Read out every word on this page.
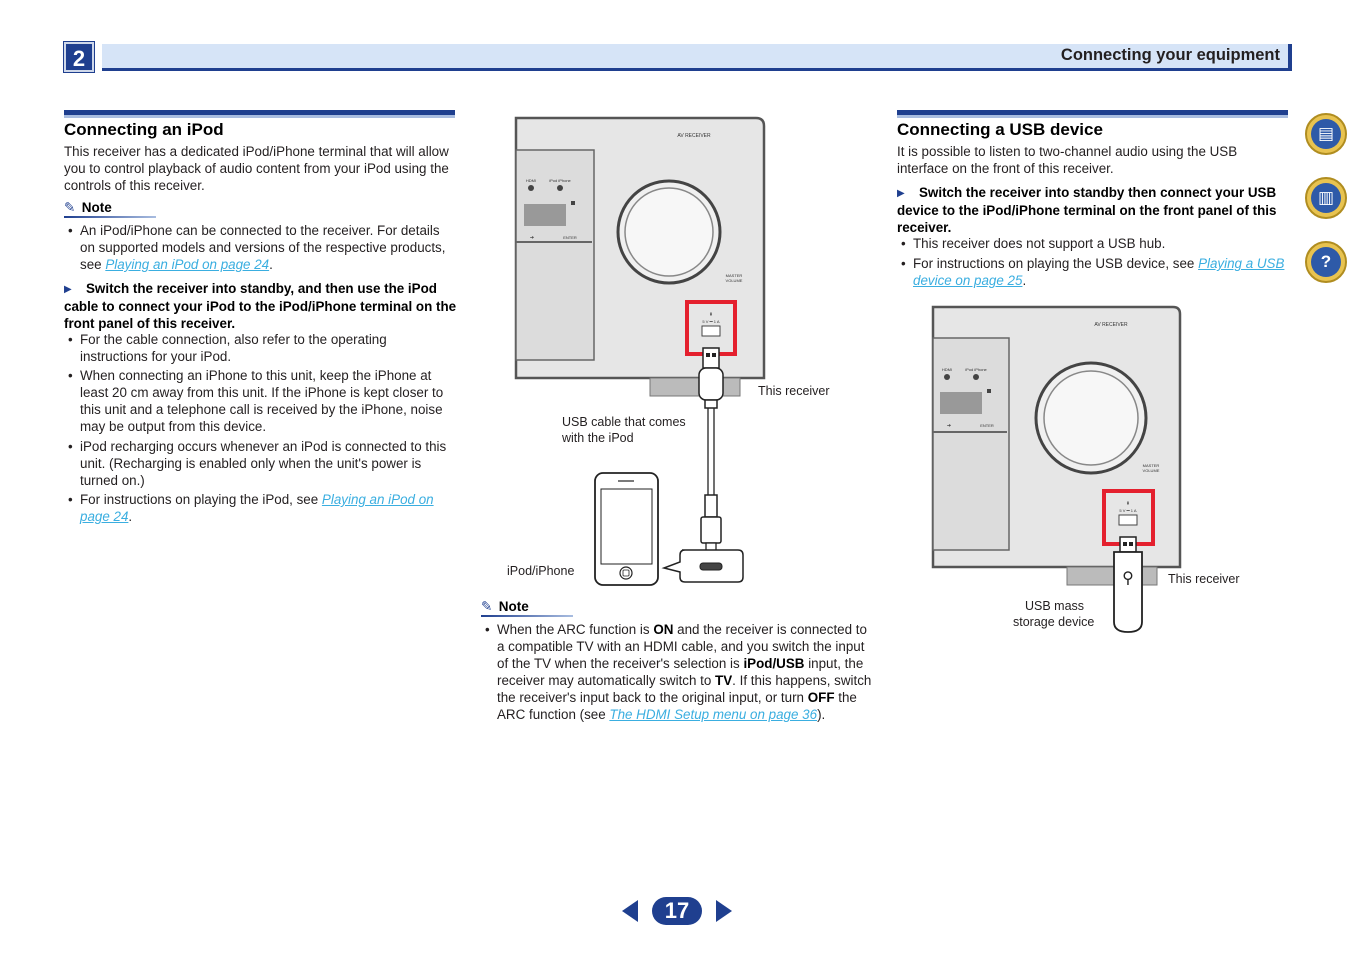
2	Connecting your equipment
Connecting an iPod
This receiver has a dedicated iPod/iPhone terminal that will allow you to control playback of audio content from your iPod using the controls of this receiver.
✎ Note
• An iPod/iPhone can be connected to the receiver. For details on supported models and versions of the respective products, see Playing an iPod on page 24.
▶ Switch the receiver into standby, and then use the iPod cable to connect your iPod to the iPod/iPhone terminal on the front panel of this receiver.
• For the cable connection, also refer to the operating instructions for your iPod.
• When connecting an iPhone to this unit, keep the iPhone at least 20 cm away from this unit. If the iPhone is kept closer to this unit and a telephone call is received by the iPhone, noise may be output from this device.
• iPod recharging occurs whenever an iPod is connected to this unit. (Recharging is enabled only when the unit's power is turned on.)
• For instructions on playing the iPod, see Playing an iPod on page 24.
AV RECEIVER
HDMI	iPod iPhone
ENTER
➔
MASTER
VOLUME
⇞
5 V ⎓ 1 A
This receiver
USB cable that comes
with the iPod
iPod/iPhone
✎ Note
• When the ARC function is ON and the receiver is connected to a compatible TV with an HDMI cable, and you switch the input of the TV when the receiver's selection is iPod/USB input, the receiver may automatically switch to TV. If this happens, switch the receiver's input back to the original input, or turn OFF the ARC function (see The HDMI Setup menu on page 36).
Connecting a USB device
It is possible to listen to two-channel audio using the USB interface on the front of this receiver.
▶ Switch the receiver into standby then connect your USB device to the iPod/iPhone terminal on the front panel of this receiver.
• This receiver does not support a USB hub.
• For instructions on playing the USB device, see Playing a USB device on page 25.
AV RECEIVER
HDMI	iPod iPhone
ENTER
➔
MASTER
VOLUME
⇞
5 V ⎓ 1 A
⚲	This receiver
USB mass
storage device
▤
▥
?
17
